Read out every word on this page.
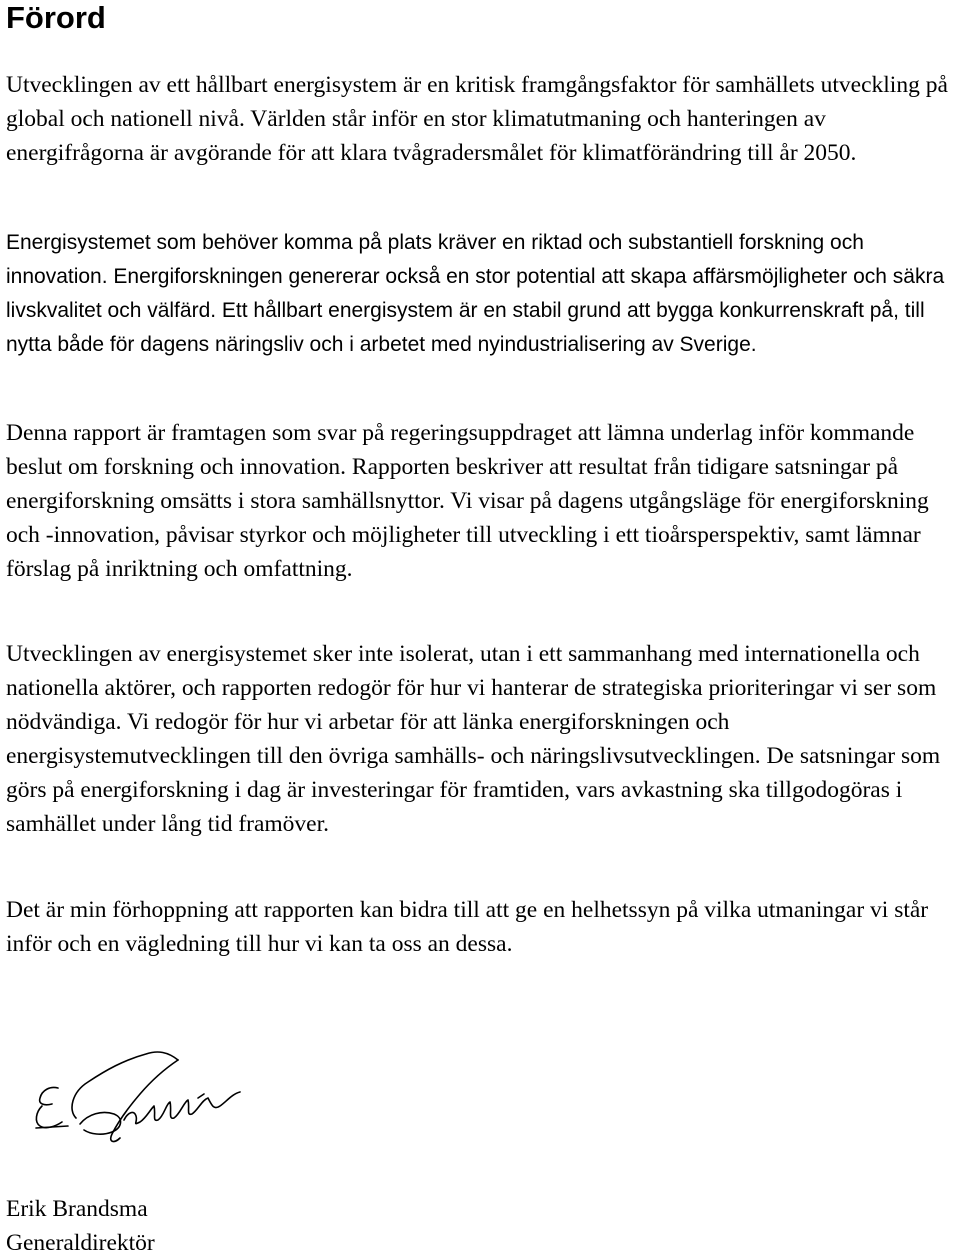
Förord

Utvecklingen av ett hållbart energisystem är en kritisk framgångsfaktor för samhällets utveckling på global och nationell nivå. Världen står inför en stor klimatutmaning och hanteringen av energifrågorna är avgörande för att klara tvågradersmålet för klimatförändring till år 2050.

Energisystemet som behöver komma på plats kräver en riktad och substantiell forskning och innovation. Energiforskningen genererar också en stor potential att skapa affärsmöjligheter och säkra livskvalitet och välfärd. Ett hållbart energisystem är en stabil grund att bygga konkurrenskraft på, till nytta både för dagens näringsliv och i arbetet med nyindustrialisering av Sverige.

Denna rapport är framtagen som svar på regeringsuppdraget att lämna underlag inför kommande beslut om forskning och innovation. Rapporten beskriver att resultat från tidigare satsningar på energiforskning omsätts i stora samhällsnyttor. Vi visar på dagens utgångsläge för energiforskning och -innovation, påvisar styrkor och möjligheter till utveckling i ett tioårsperspektiv, samt lämnar förslag på inriktning och omfattning.

Utvecklingen av energisystemet sker inte isolerat, utan i ett sammanhang med internationella och nationella aktörer, och rapporten redogör för hur vi hanterar de strategiska prioriteringar vi ser som nödvändiga. Vi redogör för hur vi arbetar för att länka energiforskningen och energisystemutvecklingen till den övriga samhälls- och näringslivsutvecklingen. De satsningar som görs på energiforskning i dag är investeringar för framtiden, vars avkastning ska tillgodogöras i samhället under lång tid framöver.

Det är min förhoppning att rapporten kan bidra till att ge en helhetssyn på vilka utmaningar vi står inför och en vägledning till hur vi kan ta oss an dessa.

Erik Brandsma
Generaldirektör
